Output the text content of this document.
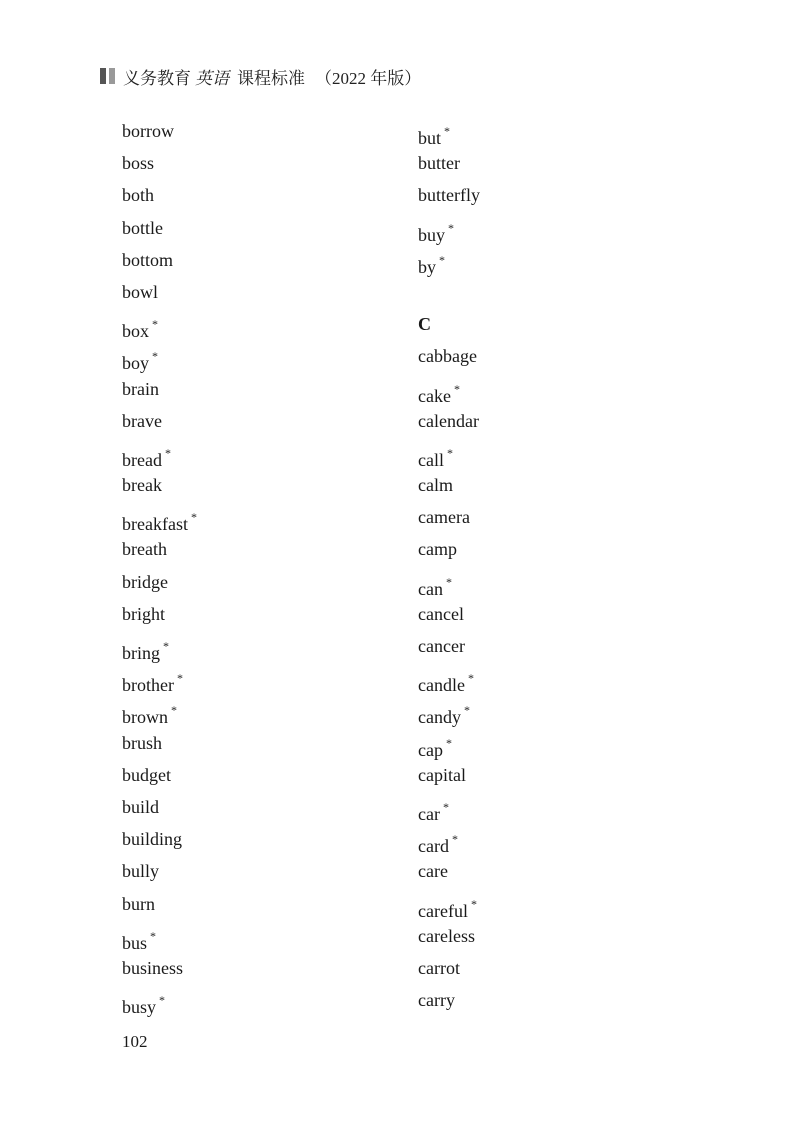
义务教育 英语 课程标准 （2022 年版）
borrow
boss
both
bottle
bottom
bowl
box *
boy *
brain
brave
bread *
break
breakfast *
breath
bridge
bright
bring *
brother *
brown *
brush
budget
build
building
bully
burn
bus *
business
busy *
but *
butter
butterfly
buy *
by *
C
cabbage
cake *
calendar
call *
calm
camera
camp
can *
cancel
cancer
candle *
candy *
cap *
capital
car *
card *
care
careful *
careless
carrot
carry
102
